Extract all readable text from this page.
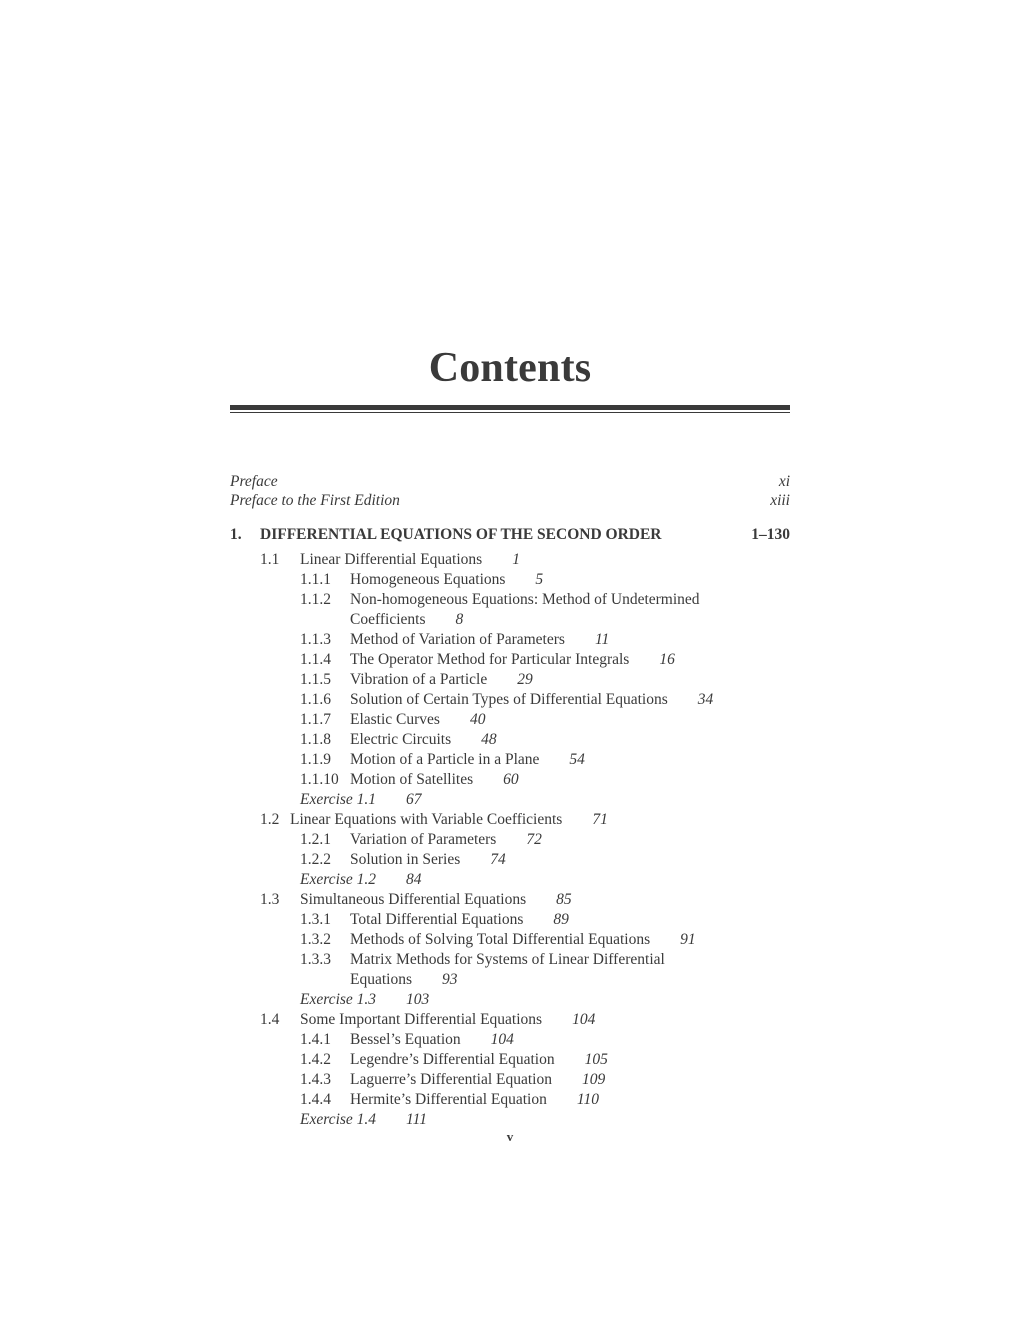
Contents
Preface	xi
Preface to the First Edition	xiii
1. DIFFERENTIAL EQUATIONS OF THE SECOND ORDER	1–130
1.1 Linear Differential Equations 1
1.1.1 Homogeneous Equations 5
1.1.2 Non-homogeneous Equations: Method of Undetermined
Coefficients 8
1.1.3 Method of Variation of Parameters 11
1.1.4 The Operator Method for Particular Integrals 16
1.1.5 Vibration of a Particle 29
1.1.6 Solution of Certain Types of Differential Equations 34
1.1.7 Elastic Curves 40
1.1.8 Electric Circuits 48
1.1.9 Motion of a Particle in a Plane 54
1.1.10 Motion of Satellites 60
Exercise 1.1 67
1.2 Linear Equations with Variable Coefficients 71
1.2.1 Variation of Parameters 72
1.2.2 Solution in Series 74
Exercise 1.2 84
1.3 Simultaneous Differential Equations 85
1.3.1 Total Differential Equations 89
1.3.2 Methods of Solving Total Differential Equations 91
1.3.3 Matrix Methods for Systems of Linear Differential
Equations 93
Exercise 1.3 103
1.4 Some Important Differential Equations 104
1.4.1 Bessel’s Equation 104
1.4.2 Legendre’s Differential Equation 105
1.4.3 Laguerre’s Differential Equation 109
1.4.4 Hermite’s Differential Equation 110
Exercise 1.4 111
v
